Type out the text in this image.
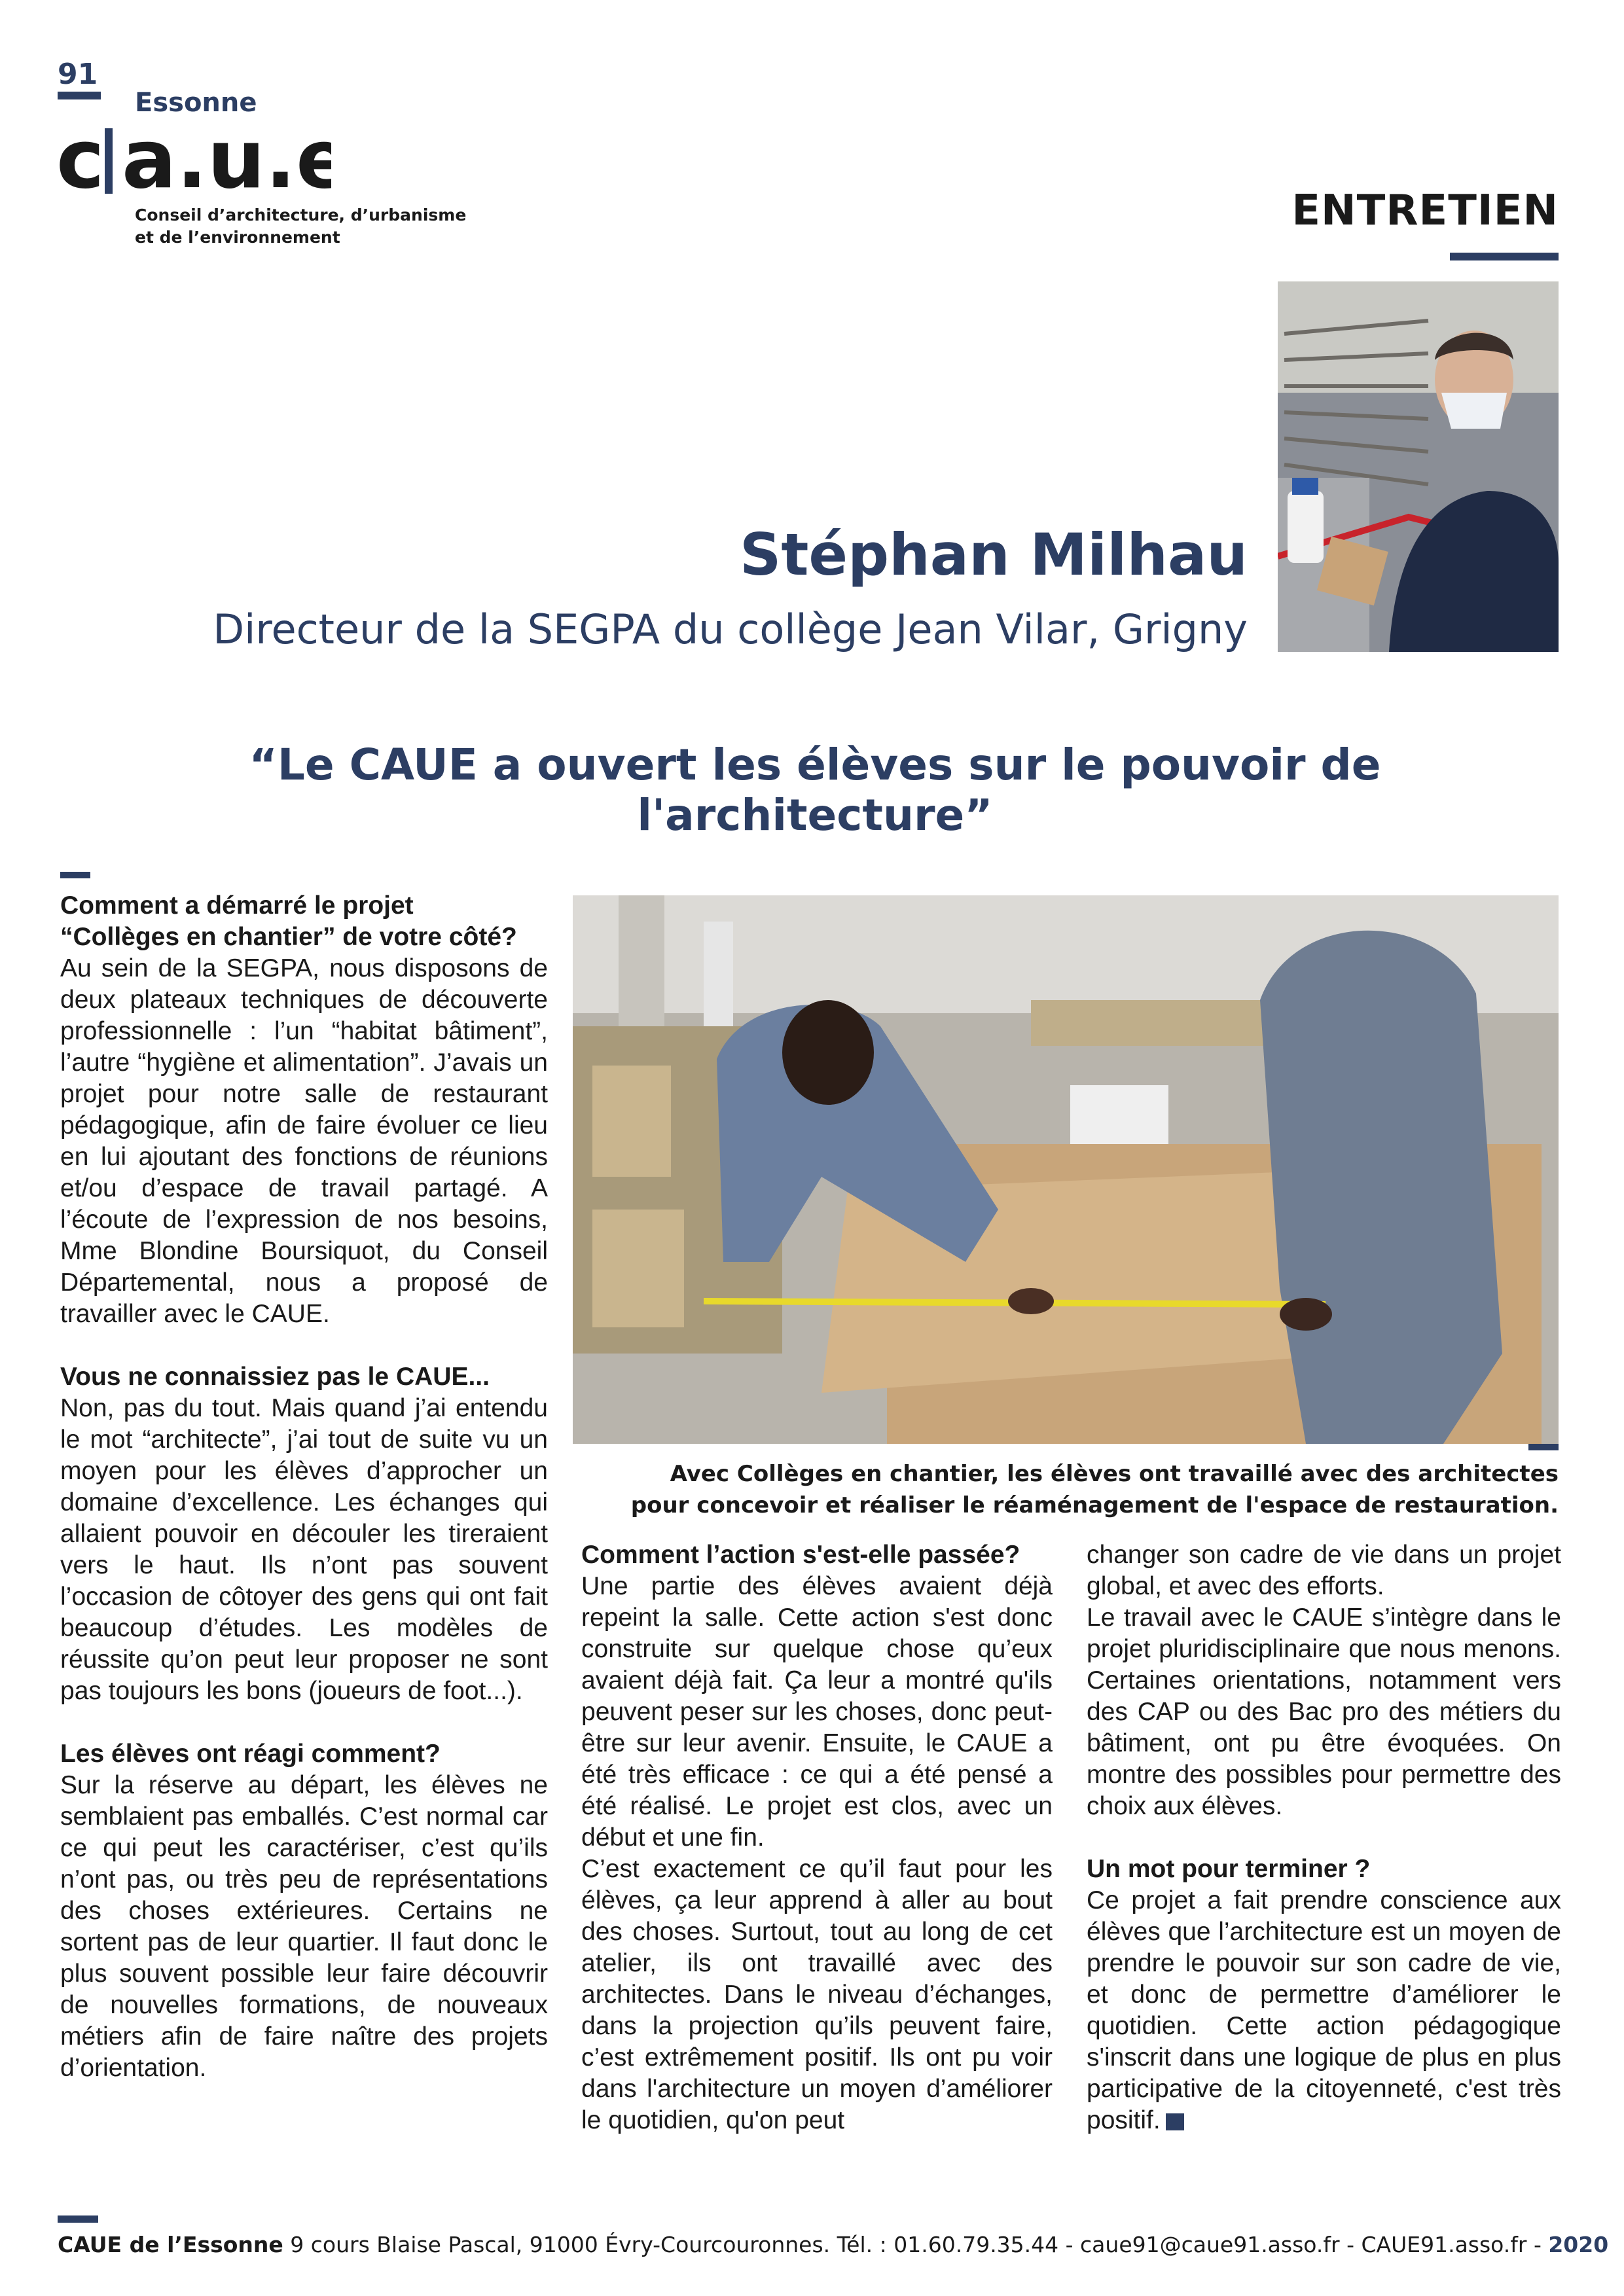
91
Essonne
c a.u.e
Conseil d’architecture, d’urbanisme
et de l’environnement
ENTRETIEN
Stéphan Milhau
Directeur de la SEGPA du collège Jean Vilar, Grigny
“Le CAUE a ouvert les élèves sur le pouvoir de l'architecture”
Comment a démarré le projet
“Collèges en chantier” de votre côté?

Au sein de la SEGPA, nous disposons de deux plateaux techniques de découverte professionnelle : l’un “habitat bâtiment”, l’autre “hygiène et alimentation”. J’avais un projet pour notre salle de restaurant pédagogique, afin de faire évoluer ce lieu en lui ajoutant des fonctions de réunions et/ou d’espace de travail partagé. A l’écoute de l’expression de nos besoins, Mme Blondine Boursiquot, du Conseil Départemental, nous a proposé de travailler avec le CAUE.

Vous ne connaissiez pas le CAUE...

Non, pas du tout. Mais quand j’ai entendu le mot “architecte”, j’ai tout de suite vu un moyen pour les élèves d’approcher un domaine d’excellence. Les échanges qui allaient pouvoir en découler les tireraient vers le haut. Ils n’ont pas souvent l’occasion de côtoyer des gens qui ont fait beaucoup d’études. Les modèles de réussite qu’on peut leur proposer ne sont pas toujours les bons (joueurs de foot...).

Les élèves ont réagi comment?

Sur la réserve au départ, les élèves ne semblaient pas emballés. C’est normal car ce qui peut les caractériser, c’est qu’ils n’ont pas, ou très peu de représentations des choses extérieures. Certains ne sortent pas de leur quartier. Il faut donc le plus souvent possible leur faire découvrir de nouvelles formations, de nouveaux métiers afin de faire naître des projets d’orientation.

Avec Collèges en chantier, les élèves ont travaillé avec des architectes
pour concevoir et réaliser le réaménagement de l'espace de restauration.
Comment l’action s'est-elle passée?

Une partie des élèves avaient déjà repeint la salle. Cette action s'est donc construite sur quelque chose qu’eux avaient déjà fait. Ça leur a montré qu'ils peuvent peser sur les choses, donc peut-être sur leur avenir. Ensuite, le CAUE a été très efficace : ce qui a été pensé a été réalisé. Le projet est clos, avec un début et une fin.

C’est exactement ce qu’il faut pour les élèves, ça leur apprend à aller au bout des choses. Surtout, tout au long de cet atelier, ils ont travaillé avec des architectes. Dans le niveau d’échanges, dans la projection qu’ils peuvent faire, c’est extrêmement positif. Ils ont pu voir dans l'architecture un moyen d’améliorer le quotidien, qu'on peut

changer son cadre de vie dans un projet global, et avec des efforts.

Le travail avec le CAUE s’intègre dans le projet pluridisciplinaire que nous menons. Certaines orientations, notamment vers des CAP ou des Bac pro des métiers du bâtiment, ont pu être évoquées. On montre des possibles pour permettre des choix aux élèves.

Un mot pour terminer ?

Ce projet a fait prendre conscience aux élèves que l’architecture est un moyen de prendre le pouvoir sur son cadre de vie, et donc de permettre d’améliorer le quotidien. Cette action pédagogique s'inscrit dans une logique de plus en plus participative de la citoyenneté, c'est très positif.

CAUE de l’Essonne 9 cours Blaise Pascal, 91000 Évry-Courcouronnes. Tél. : 01.60.79.35.44 - caue91@caue91.asso.fr - CAUE91.asso.fr - 2020
